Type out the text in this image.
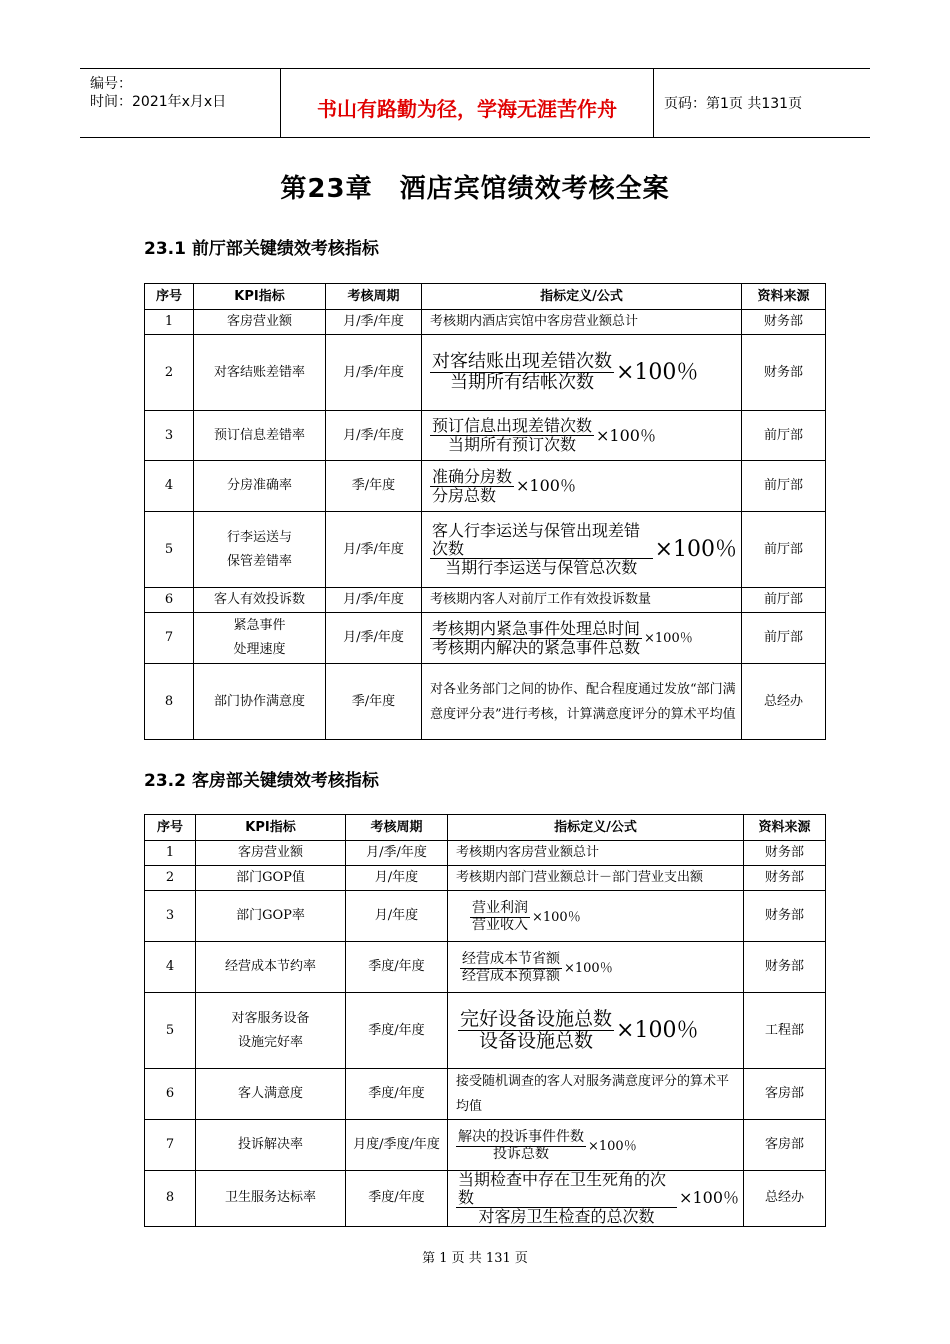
编号：
时间：2021年x月x日	书山有路勤为径，学海无涯苦作舟	页码：第1页 共131页
第23章　酒店宾馆绩效考核全案
23.1 前厅部关键绩效考核指标
序号	KPI指标	考核周期	指标定义/公式	资料来源
1	客房营业额	月/季/年度	考核期内酒店宾馆中客房营业额总计	财务部
2	对客结账差错率	月/季/年度	$\frac{\text{对客结账出现差错次数}}{\text{当期所有结帐次数}} \times 100$％	财务部
3	预订信息差错率	月/季/年度	$\frac{\text{预订信息出现差错次数}}{\text{当期所有预订次数}} \times 100$％	前厅部
4	分房准确率	季/年度	$\frac{\text{准确分房数}}{\text{分房总数}} \times 100$％	前厅部
5	行李运送与
保管差错率	月/季/年度	$\frac{\text{客人行李运送与保管出现差错次数}}{\text{当期行李运送与保管总次数}} \times 100$％	前厅部
6	客人有效投诉数	月/季/年度	考核期内客人对前厅工作有效投诉数量	前厅部
7	紧急事件
处理速度	月/季/年度	$\frac{\text{考核期内紧急事件处理总时间}}{\text{考核期内解决的紧急事件总数}} \times 100$％	前厅部
8	部门协作满意度	季/年度	对各业务部门之间的协作、配合程度通过发放“部门满意度评分表”进行考核，计算满意度评分的算术平均值	总经办
23.2 客房部关键绩效考核指标
序号	KPI指标	考核周期	指标定义/公式	资料来源
1	客房营业额	月/季/年度	考核期内客房营业额总计	财务部
2	部门GOP值	月/年度	考核期内部门营业额总计－部门营业支出额	财务部
3	部门GOP率	月/年度	$\frac{\text{营业利润}}{\text{营业收入}} \times 100$％	财务部
4	经营成本节约率	季度/年度	$\frac{\text{经营成本节省额}}{\text{经营成本预算额}} \times 100$％	财务部
5	对客服务设备
设施完好率	季度/年度	$\frac{\text{完好设备设施总数}}{\text{设备设施总数}} \times 100$％	工程部
6	客人满意度	季度/年度	接受随机调查的客人对服务满意度评分的算术平均值	客房部
7	投诉解决率	月度/季度/年度	$\frac{\text{解决的投诉事件件数}}{\text{投诉总数}} \times 100$％	客房部
8	卫生服务达标率	季度/年度	$\frac{\text{当期检查中存在卫生死角的次数}}{\text{对客房卫生检查的总次数}} \times 100$％	总经办
第 1 页 共 131 页
